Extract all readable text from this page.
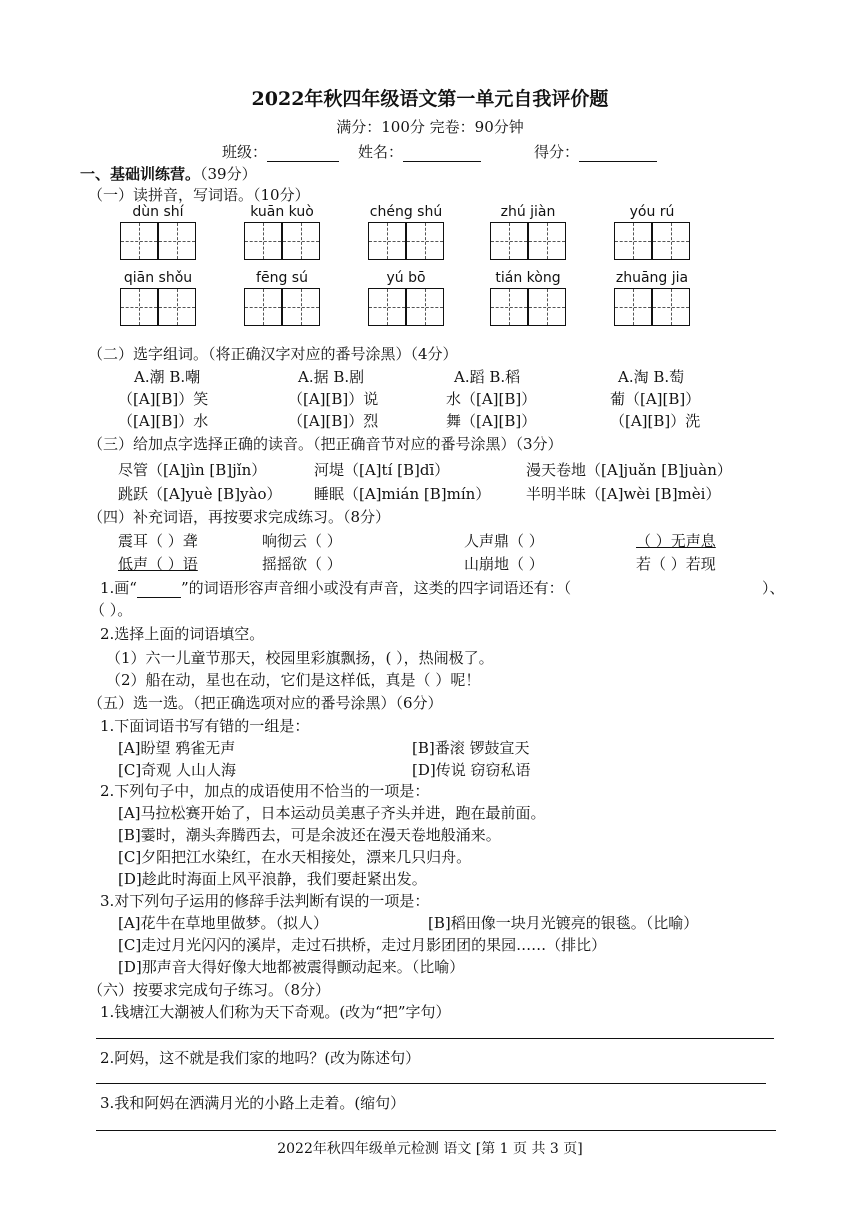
2022年秋四年级语文第一单元自我评价题
满分：100分 完卷：90分钟
班级：	姓名：	得分：
一、基础训练营。（39分）
（一）读拼音，写词语。（10分）
dùn shí	kuān kuò	chéng shú	zhú jiàn	yóu rú
qiān shǒu	fēng sú	yú bō	tián kòng	zhuāng jia
（二）选字组词。（将正确汉字对应的番号涂黑）（4分）
A.潮 B.嘲	A.据 B.剧	A.蹈 B.稻	A.淘 B.萄
（[A][B]）笑	（[A][B]）说	水（[A][B]）	葡（[A][B]）
（[A][B]）水	（[A][B]）烈	舞（[A][B]）	（[A][B]）洗
（三）给加点字选择正确的读音。（把正确音节对应的番号涂黑）（3分）
尽管（[A]jìn [B]jǐn）	河堤（[A]tí [B]dī）	漫天卷地（[A]juǎn [B]juàn）
跳跃（[A]yuè [B]yào） 睡眠（[A]mián [B]mín） 半明半昧（[A]wèi [B]mèi）
（四）补充词语，再按要求完成练习。（8分）
震耳（ ）聋	响彻云（ ）	人声鼎（ ）	（ ）无声息
低声（ ）语	摇摇欲（ ）	山崩地（ ）	若（ ）若现
1.画“	”的词语形容声音细小或没有声音，这类的四字词语还有：（	）、
（ ）。
2.选择上面的词语填空。
（1）六一儿童节那天，校园里彩旗飘扬，( ），热闹极了。
（2）船在动，星也在动，它们是这样低，真是（ ）呢！
（五）选一选。（把正确选项对应的番号涂黑）（6分）
1.下面词语书写有错的一组是：
[A]盼望 鸦雀无声	[B]番滚 锣鼓宣天
[C]奇观 人山人海	[D]传说 窃窃私语
2.下列句子中，加点的成语使用不恰当的一项是：
[A]马拉松赛开始了，日本运动员美惠子齐头并进，跑在最前面。
[B]霎时，潮头奔腾西去，可是余波还在漫天卷地般涌来。
[C]夕阳把江水染红，在水天相接处，漂来几只归舟。
[D]趁此时海面上风平浪静，我们要赶紧出发。
3.对下列句子运用的修辞手法判断有误的一项是：
[A]花牛在草地里做梦。（拟人）	[B]稻田像一块月光镀亮的银毯。（比喻）
[C]走过月光闪闪的溪岸，走过石拱桥，走过月影团团的果园……（排比）
[D]那声音大得好像大地都被震得颤动起来。（比喻）
（六）按要求完成句子练习。（8分）
1.钱塘江大潮被人们称为天下奇观。(改为“把”字句）
2.阿妈，这不就是我们家的地吗？(改为陈述句）
3.我和阿妈在洒满月光的小路上走着。(缩句）
2022年秋四年级单元检测 语文 [第 1 页 共 3 页]
